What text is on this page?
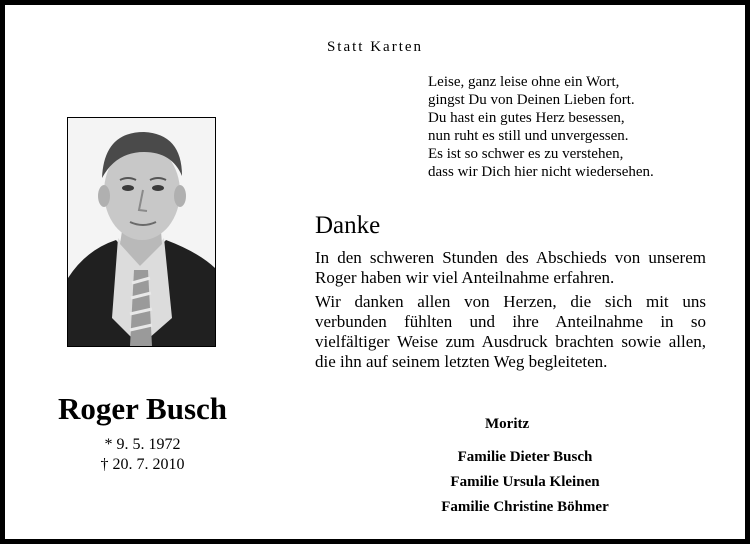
Statt Karten
Roger Busch
* 9. 5. 1972
† 20. 7. 2010
Leise, ganz leise ohne ein Wort,
gingst Du von Deinen Lieben fort.
Du hast ein gutes Herz besessen,
nun ruht es still und unvergessen.
Es ist so schwer es zu verstehen,
dass wir Dich hier nicht wiedersehen.
Danke

In den schweren Stunden des Abschieds von unserem Roger haben wir viel Anteilnahme erfahren.

Wir danken allen von Herzen, die sich mit uns verbunden fühlten und ihre Anteilnahme in so vielfältiger Weise zum Ausdruck brachten sowie allen, die ihn auf seinem letzten Weg begleiteten.

Moritz
Familie Dieter Busch
Familie Ursula Kleinen
Familie Christine Böhmer
